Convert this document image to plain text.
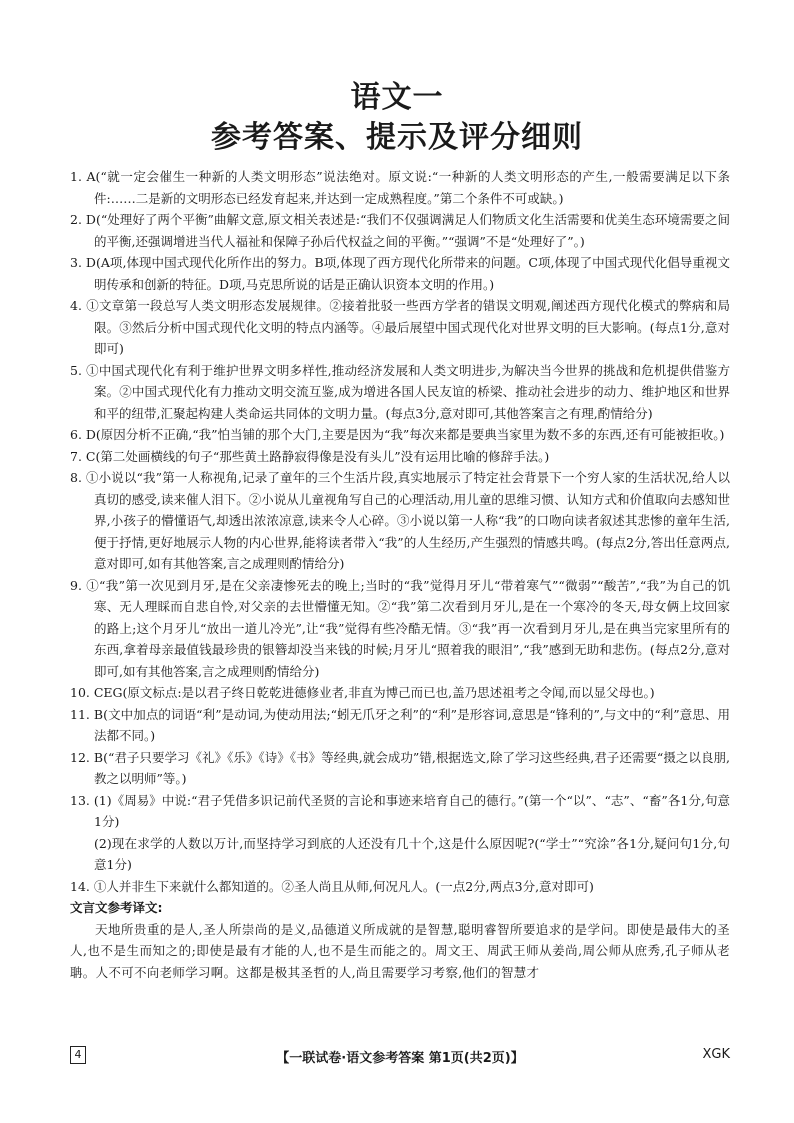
语文一
参考答案、提示及评分细则

1. A(“就一定会催生一种新的人类文明形态”说法绝对。原文说:“一种新的人类文明形态的产生,一般需要满足以下条件:……二是新的文明形态已经发育起来,并达到一定成熟程度。”第二个条件不可或缺。)

2. D(“处理好了两个平衡”曲解文意,原文相关表述是:“我们不仅强调满足人们物质文化生活需要和优美生态环境需要之间的平衡,还强调增进当代人福祉和保障子孙后代权益之间的平衡。”“强调”不是“处理好了”。)

3. D(A项,体现中国式现代化所作出的努力。B项,体现了西方现代化所带来的问题。C项,体现了中国式现代化倡导重视文明传承和创新的特征。D项,马克思所说的话是正确认识资本文明的作用。)

4. ①文章第一段总写人类文明形态发展规律。②接着批驳一些西方学者的错误文明观,阐述西方现代化模式的弊病和局限。③然后分析中国式现代化文明的特点内涵等。④最后展望中国式现代化对世界文明的巨大影响。(每点1分,意对即可)

5. ①中国式现代化有利于维护世界文明多样性,推动经济发展和人类文明进步,为解决当今世界的挑战和危机提供借鉴方案。②中国式现代化有力推动文明交流互鉴,成为增进各国人民友谊的桥梁、推动社会进步的动力、维护地区和世界和平的纽带,汇聚起构建人类命运共同体的文明力量。(每点3分,意对即可,其他答案言之有理,酌情给分)

6. D(原因分析不正确,“我”怕当铺的那个大门,主要是因为“我”每次来都是要典当家里为数不多的东西,还有可能被拒收。)

7. C(第二处画横线的句子“那些黄土路静寂得像是没有头儿”没有运用比喻的修辞手法。)

8. ①小说以“我”第一人称视角,记录了童年的三个生活片段,真实地展示了特定社会背景下一个穷人家的生活状况,给人以真切的感受,读来催人泪下。②小说从儿童视角写自己的心理活动,用儿童的思维习惯、认知方式和价值取向去感知世界,小孩子的懵懂语气,却透出浓浓凉意,读来令人心碎。③小说以第一人称“我”的口吻向读者叙述其悲惨的童年生活,便于抒情,更好地展示人物的内心世界,能将读者带入“我”的人生经历,产生强烈的情感共鸣。(每点2分,答出任意两点,意对即可,如有其他答案,言之成理则酌情给分)

9. ①“我”第一次见到月牙,是在父亲凄惨死去的晚上;当时的“我”觉得月牙儿“带着寒气”“微弱”“酸苦”,“我”为自己的饥寒、无人理睬而自悲自怜,对父亲的去世懵懂无知。②“我”第二次看到月牙儿,是在一个寒冷的冬天,母女俩上坟回家的路上;这个月牙儿“放出一道儿冷光”,让“我”觉得有些冷酷无情。③“我”再一次看到月牙儿,是在典当完家里所有的东西,拿着母亲最值钱最珍贵的银簪却没当来钱的时候;月牙儿“照着我的眼泪”,“我”感到无助和悲伤。(每点2分,意对即可,如有其他答案,言之成理则酌情给分)

10. CEG(原文标点:是以君子终日乾乾进德修业者,非直为博己而已也,盖乃思述祖考之令闻,而以显父母也。)

11. B(文中加点的词语“利”是动词,为使动用法;“蚓无爪牙之利”的“利”是形容词,意思是“锋利的”,与文中的“利”意思、用法都不同。)

12. B(“君子只要学习《礼》《乐》《诗》《书》等经典,就会成功”错,根据选文,除了学习这些经典,君子还需要“摄之以良朋,教之以明师”等。)

13. (1)《周易》中说:“君子凭借多识记前代圣贤的言论和事迹来培育自己的德行。”(第一个“以”、“志”、“畜”各1分,句意1分)

(2)现在求学的人数以万计,而坚持学习到底的人还没有几十个,这是什么原因呢?(“学士”“究涂”各1分,疑问句1分,句意1分)

14. ①人并非生下来就什么都知道的。②圣人尚且从师,何况凡人。(一点2分,两点3分,意对即可)

文言文参考译文:

天地所贵重的是人,圣人所崇尚的是义,品德道义所成就的是智慧,聪明睿智所要追求的是学问。即使是最伟大的圣人,也不是生而知之的;即使是最有才能的人,也不是生而能之的。周文王、周武王师从姜尚,周公师从庶秀,孔子师从老聃。人不可不向老师学习啊。这都是极其圣哲的人,尚且需要学习考察,他们的智慧才

4	【一联试卷·语文参考答案 第1页(共2页)】	XGK
